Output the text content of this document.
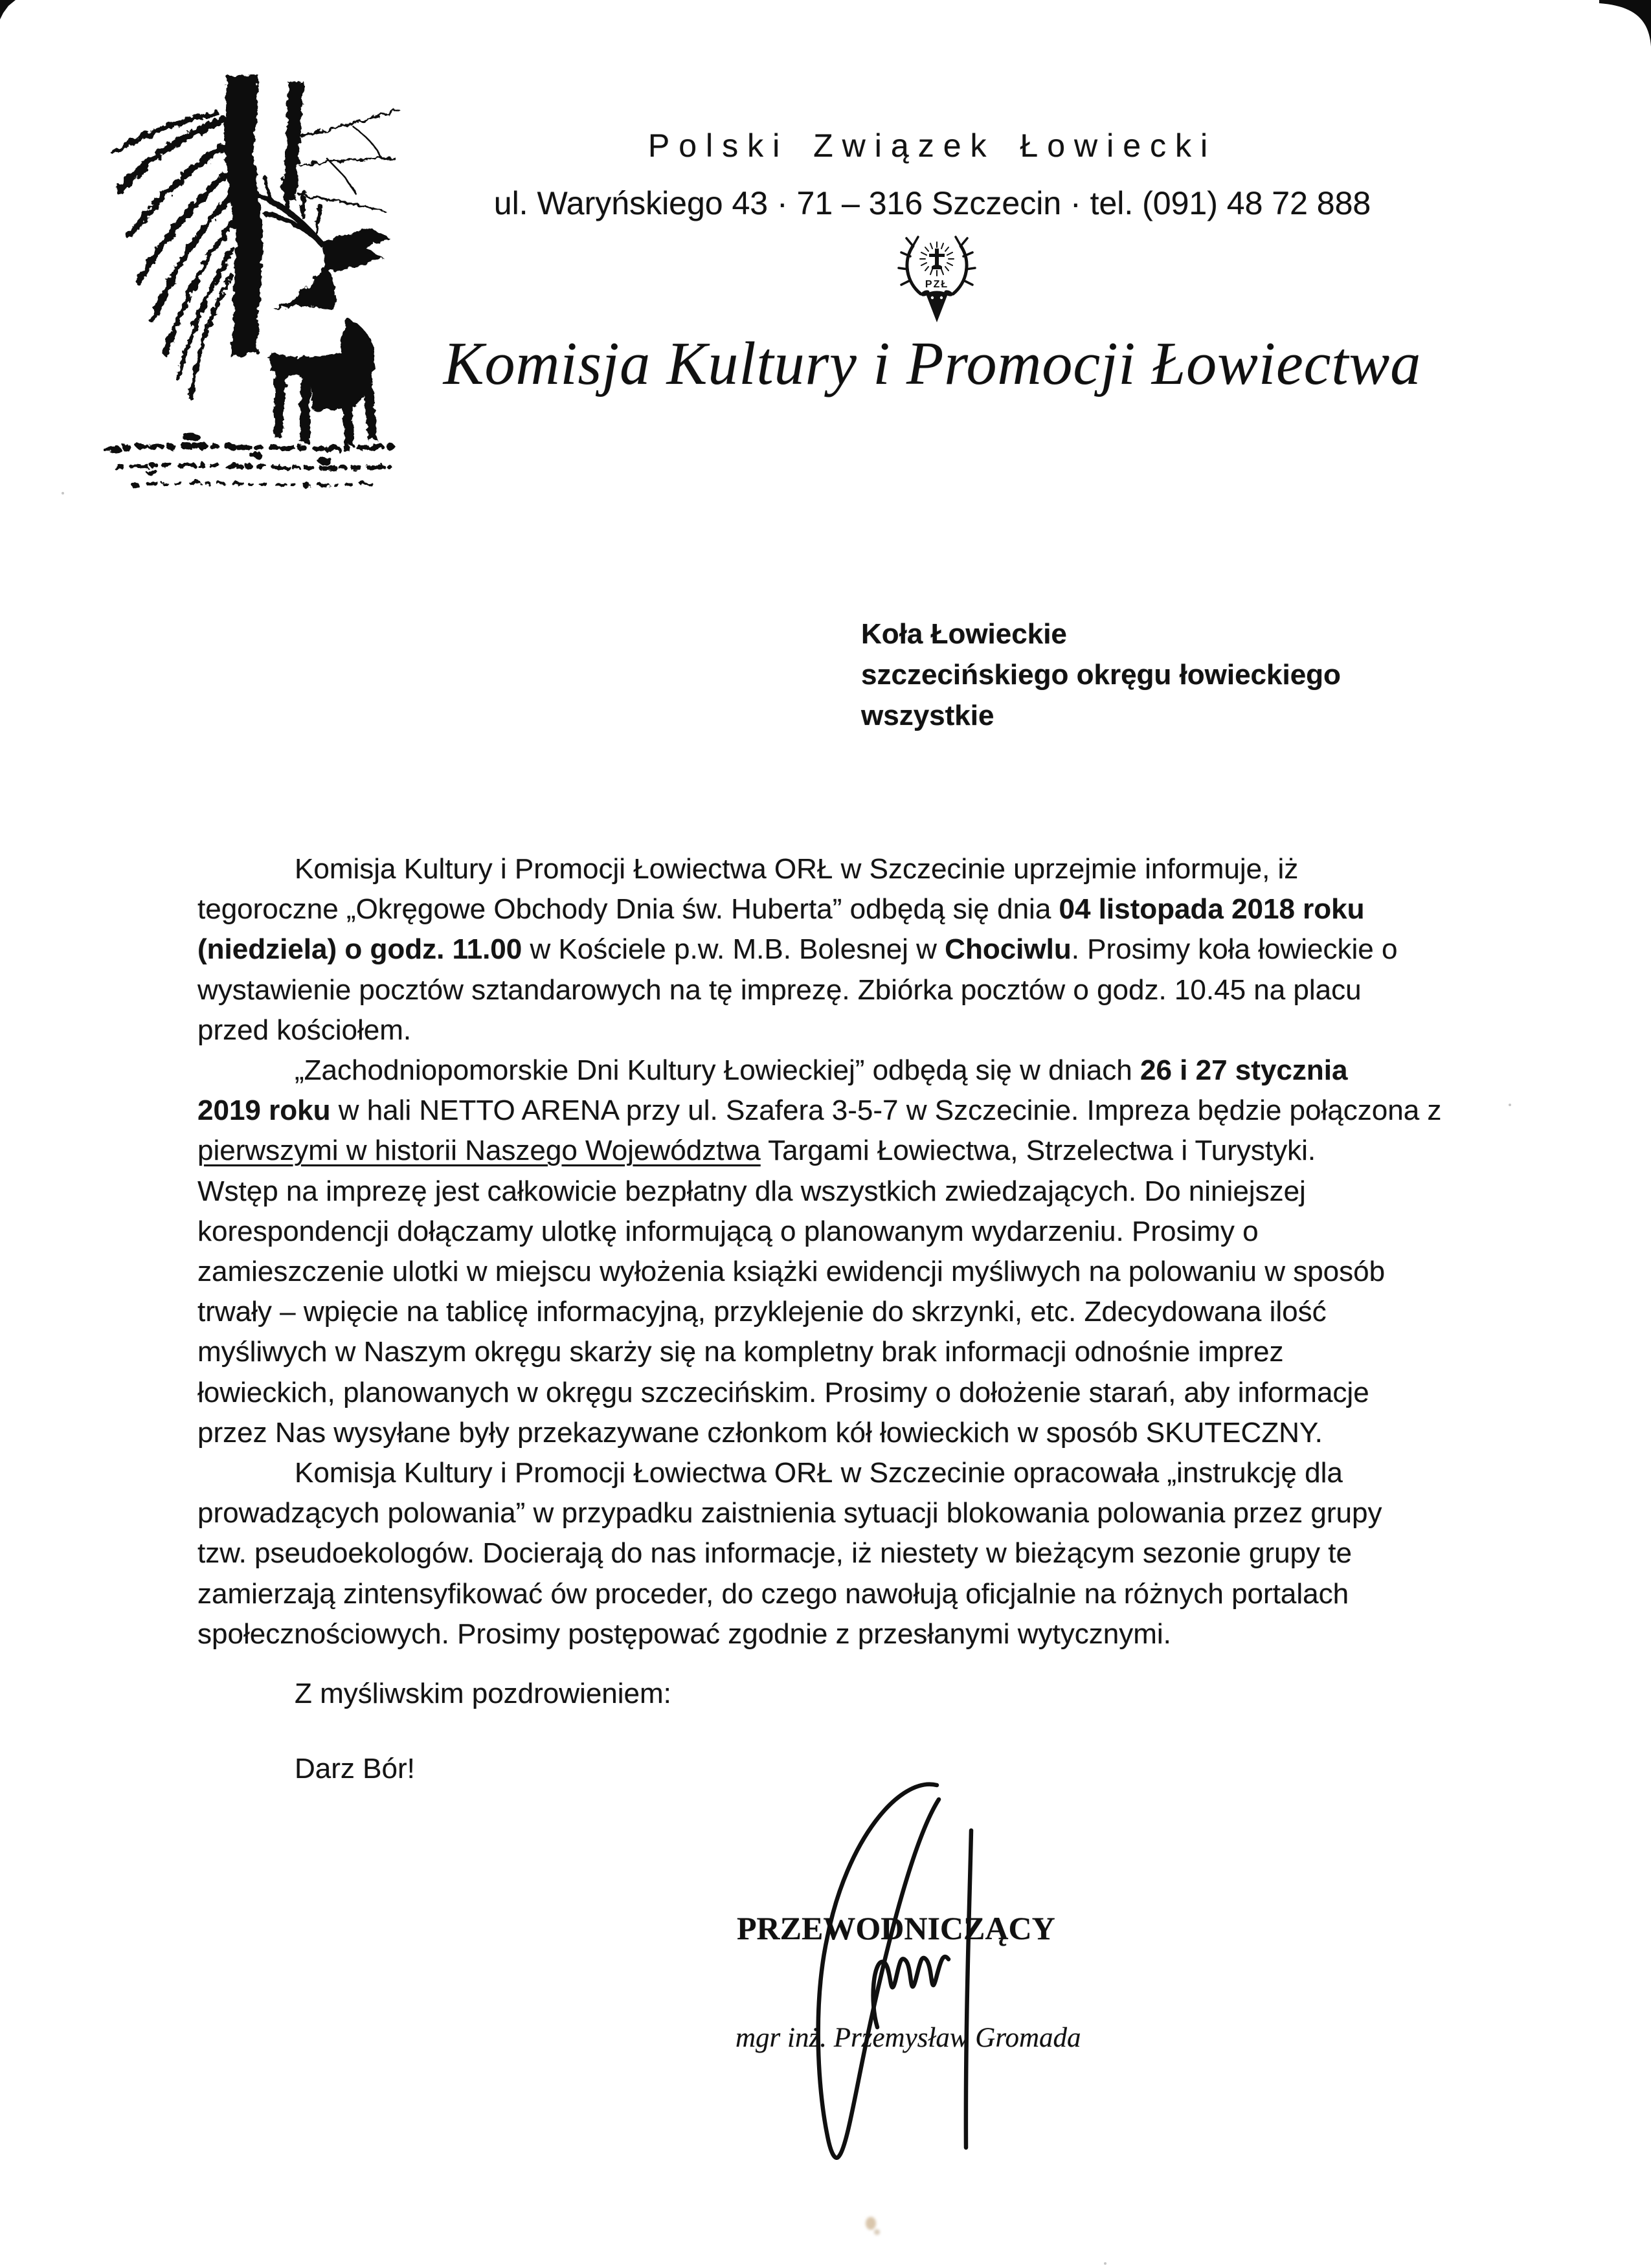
Polski Związek Łowiecki
ul. Waryńskiego 43 · 71 – 316 Szczecin · tel. (091) 48 72 888
PZŁ
Komisja Kultury i Promocji Łowiectwa
Koła Łowieckie
szczecińskiego okręgu łowieckiego
wszystkie
Komisja Kultury i Promocji Łowiectwa ORŁ w Szczecinie uprzejmie informuje, iż
tegoroczne „Okręgowe Obchody Dnia św. Huberta” odbędą się dnia 04 listopada 2018 roku
(niedziela) o godz. 11.00 w Kościele p.w. M.B. Bolesnej w Chociwlu. Prosimy koła łowieckie o
wystawienie pocztów sztandarowych na tę imprezę. Zbiórka pocztów o godz. 10.45 na placu
przed kościołem.
„Zachodniopomorskie Dni Kultury Łowieckiej” odbędą się w dniach 26 i 27 stycznia
2019 roku w hali NETTO ARENA przy ul. Szafera 3-5-7 w Szczecinie. Impreza będzie połączona z
pierwszymi w historii Naszego Województwa Targami Łowiectwa, Strzelectwa i Turystyki.
Wstęp na imprezę jest całkowicie bezpłatny dla wszystkich zwiedzających. Do niniejszej
korespondencji dołączamy ulotkę informującą o planowanym wydarzeniu. Prosimy o
zamieszczenie ulotki w miejscu wyłożenia książki ewidencji myśliwych na polowaniu w sposób
trwały – wpięcie na tablicę informacyjną, przyklejenie do skrzynki, etc. Zdecydowana ilość
myśliwych w Naszym okręgu skarży się na kompletny brak informacji odnośnie imprez
łowieckich, planowanych w okręgu szczecińskim. Prosimy o dołożenie starań, aby informacje
przez Nas wysyłane były przekazywane członkom kół łowieckich w sposób SKUTECZNY.
Komisja Kultury i Promocji Łowiectwa ORŁ w Szczecinie opracowała „instrukcję dla
prowadzących polowania” w przypadku zaistnienia sytuacji blokowania polowania przez grupy
tzw. pseudoekologów. Docierają do nas informacje, iż niestety w bieżącym sezonie grupy te
zamierzają zintensyfikować ów proceder, do czego nawołują oficjalnie na różnych portalach
społecznościowych. Prosimy postępować zgodnie z przesłanymi wytycznymi.
Z myśliwskim pozdrowieniem:
Darz Bór!
PRZEWODNICZĄCY
mgr inż. Przemysław Gromada
